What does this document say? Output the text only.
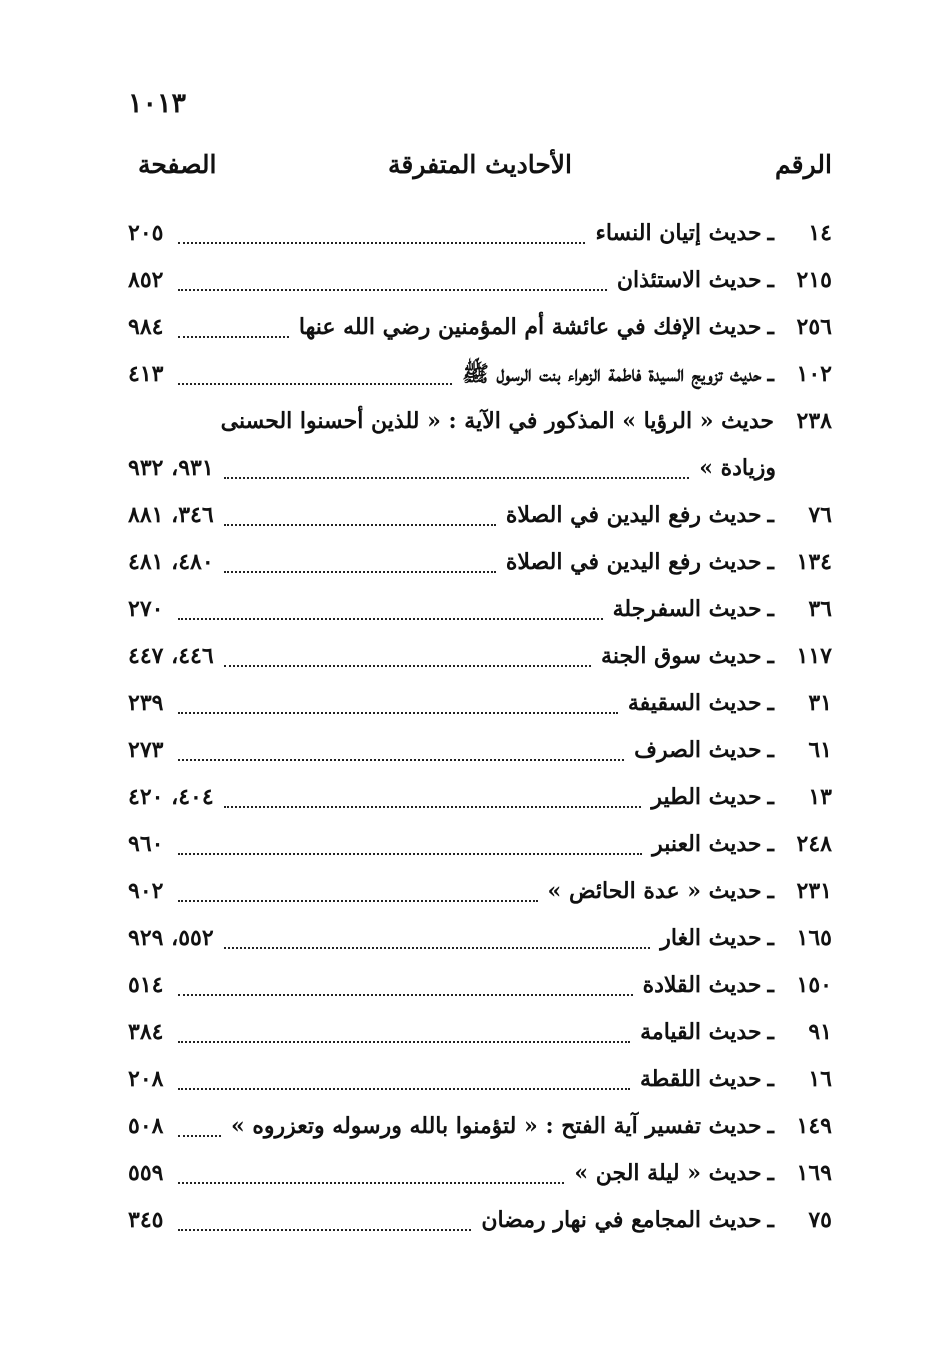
١٠١٣
الرقم
الأحاديث المتفرقة
الصفحة
١٤
ـ
حديث إتيان النساء
٢٠٥
٢١٥
ـ
حديث الاستئذان
٨٥٢
٢٥٦
ـ
حديث الإفك في عائشة أم المؤمنين رضي الله عنها
٩٨٤
١٠٢
ـ
حديث تزويج السيدة فاطمة الزهراء بنت الرسول ﷺ
٤١٣
٢٣٨
حديث « الرؤيا » المذكور في الآية : « للذين أحسنوا الحسنى
وزيادة »
٩٣١، ٩٣٢
٧٦
ـ
حديث رفع اليدين في الصلاة
٣٤٦، ٨٨١
١٣٤
ـ
حديث رفع اليدين في الصلاة
٤٨٠، ٤٨١
٣٦
ـ
حديث السفرجلة
٢٧٠
١١٧
ـ
حديث سوق الجنة
٤٤٦، ٤٤٧
٣١
ـ
حديث السقيفة
٢٣٩
٦١
ـ
حديث الصرف
٢٧٣
١٣
ـ
حديث الطير
٤٠٤، ٤٢٠
٢٤٨
ـ
حديث العنبر
٩٦٠
٢٣١
ـ
حديث « عدة الحائض »
٩٠٢
١٦٥
ـ
حديث الغار
٥٥٢، ٩٢٩
١٥٠
ـ
حديث القلادة
٥١٤
٩١
ـ
حديث القيامة
٣٨٤
١٦
ـ
حديث اللقطة
٢٠٨
١٤٩
ـ
حديث تفسير آية الفتح : « لتؤمنوا بالله ورسوله وتعزروه »
٥٠٨
١٦٩
ـ
حديث « ليلة الجن »
٥٥٩
٧٥
ـ
حديث المجامع في نهار رمضان
٣٤٥
